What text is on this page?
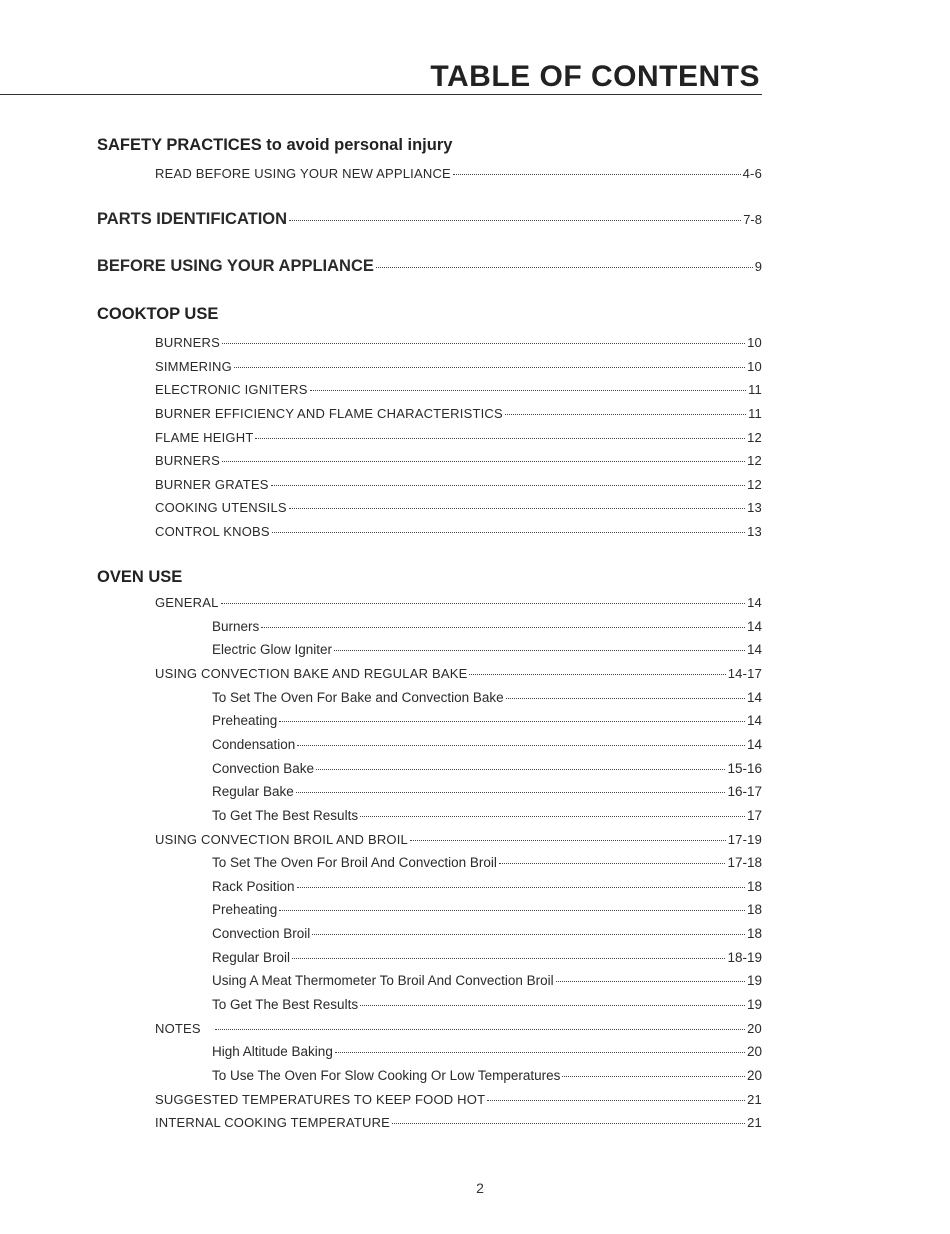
TABLE OF CONTENTS
SAFETY PRACTICES to avoid personal injury
READ BEFORE USING YOUR NEW APPLIANCE	4-6
PARTS IDENTIFICATION	7-8
BEFORE USING YOUR APPLIANCE	9
COOKTOP USE
BURNERS	10
SIMMERING	10
ELECTRONIC IGNITERS	11
BURNER EFFICIENCY AND FLAME CHARACTERISTICS	11
FLAME HEIGHT	12
BURNERS	12
BURNER GRATES	12
COOKING UTENSILS	13
CONTROL KNOBS	13
OVEN USE
GENERAL	14
Burners	14
Electric Glow Igniter	14
USING CONVECTION BAKE AND REGULAR BAKE	14-17
To Set The Oven For Bake and Convection Bake	14
Preheating	14
Condensation	14
Convection Bake	15-16
Regular Bake	16-17
To Get The Best Results	17
USING CONVECTION BROIL AND BROIL	17-19
To Set The Oven For Broil And Convection Broil	17-18
Rack Position	18
Preheating	18
Convection Broil	18
Regular Broil	18-19
Using A Meat Thermometer To Broil And Convection Broil	19
To Get The Best Results	19
NOTES	20
High Altitude Baking	20
To Use The Oven For Slow Cooking Or Low Temperatures	20
SUGGESTED TEMPERATURES TO KEEP FOOD HOT	21
INTERNAL COOKING TEMPERATURE	21
2
